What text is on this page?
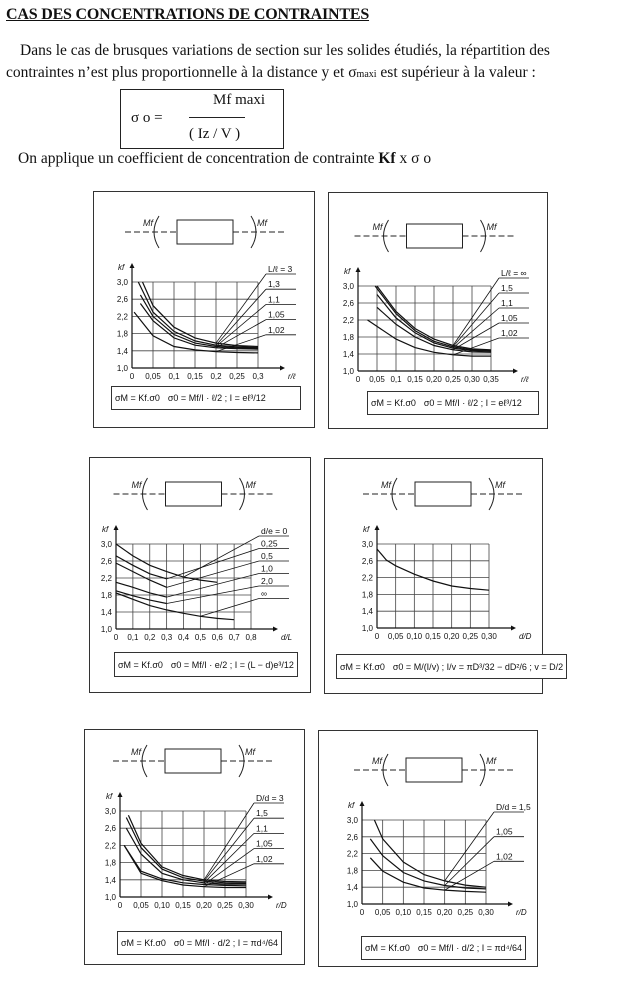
CAS DES CONCENTRATIONS DE CONTRAINTES
Dans le cas de brusques variations de section sur les solides étudiés, la répartition des
contraintes n’est plus proportionnelle à la distance y et σmaxi est supérieur à la valeur :
σ o =
Mf maxi
( Iz / V )
On applique un coefficient de concentration de contrainte Kf x σ o
Mf	Mf
0 0,05 0,1 0,15 0,2 0,25 0,3
1,0
1,4
1,8
2,2
2,6
3,0
kf
r/ℓ
L/ℓ = 3
1,3
1,1
1,05
1,02
σM = Kf.σ0 σ0 = Mf/I · ℓ/2 ; I = eℓ³/12
Mf	Mf
0 0,05 0,1 0,15 0,20 0,25 0,30 0,35
1,0
1,4
1,8
2,2
2,6
3,0
kf
r/ℓ
L/ℓ = ∞
1,5
1,1
1,05
1,02
σM = Kf.σ0 σ0 = Mf/I · ℓ/2 ; I = eℓ³/12
Mf	Mf
0 0,1 0,2 0,3 0,4 0,5 0,6 0,7 0,8
1,0
1,4
1,8
2,2
2,6
3,0
kf
d/L
d/e = 0
0,25
0,5
1,0
2,0
∞
σM = Kf.σ0 σ0 = Mf/I · e/2 ; I = (L − d)e³/12
Mf	Mf
0 0,05 0,10 0,15 0,20 0,25 0,30
1,0
1,4
1,8
2,2
2,6
3,0
kf
d/D
σM = Kf.σ0 σ0 = M/(I/v) ; I/v = πD³/32 − dD²/6 ; v = D/2
Mf	Mf
0 0,05 0,10 0,15 0,20 0,25 0,30
1,0
1,4
1,8
2,2
2,6
3,0
kf
r/D
D/d = 3
1,5
1,1
1,05
1,02
σM = Kf.σ0 σ0 = Mf/I · d/2 ; I = πd⁴/64
Mf	Mf
0 0,05 0,10 0,15 0,20 0,25 0,30
1,0
1,4
1,8
2,2
2,6
3,0
kf
r/D
D/d = 1,5
1,05
1,02
σM = Kf.σ0 σ0 = Mf/I · d/2 ; I = πd⁴/64
